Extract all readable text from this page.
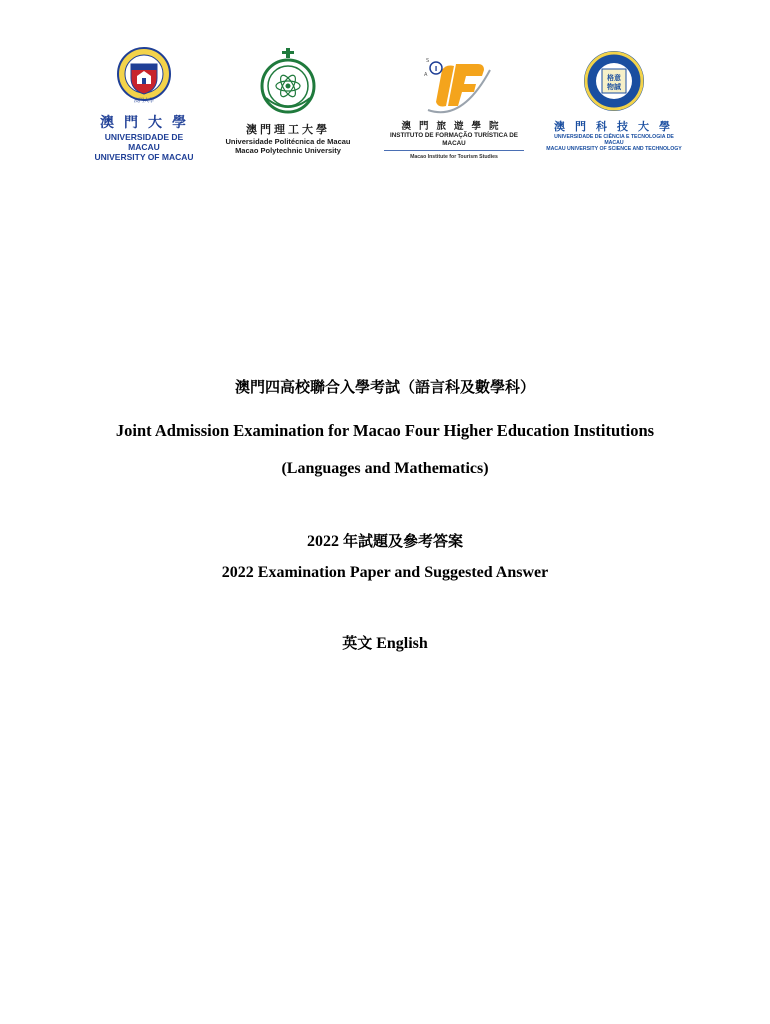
澳門大學
澳門大學
UNIVERSIDADE DE MACAU
UNIVERSITY OF MACAU
澳門理工大學
Universidade Politécnica de Macau
Macao Polytechnic University
I
S
A
澳門旅遊學院
INSTITUTO DE FORMAÇÃO TURÍSTICA DE MACAU
Macao Institute for Tourism Studies
格意
物誠
澳門科技大學
UNIVERSIDADE DE CIÊNCIA E TECNOLOGIA DE MACAU
MACAU UNIVERSITY OF SCIENCE AND TECHNOLOGY
澳門四高校聯合入學考試（語言科及數學科）
Joint Admission Examination for Macao Four Higher Education Institutions
(Languages and Mathematics)
2022 年試題及參考答案
2022 Examination Paper and Suggested Answer
英文 English
